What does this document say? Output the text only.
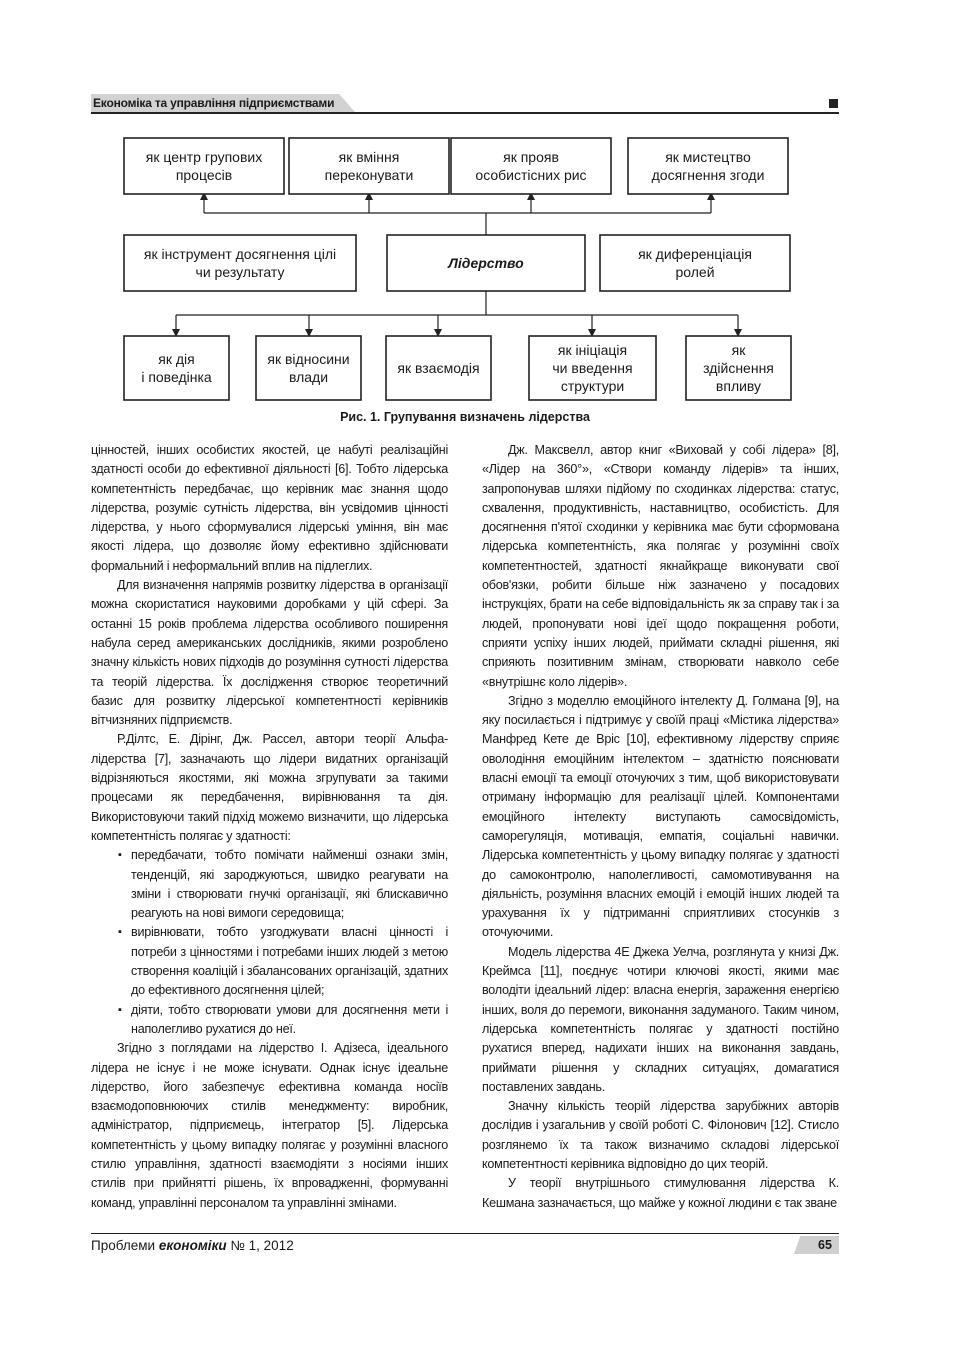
Економіка та управління підприємствами
як центр групових
процесів
як вміння
переконувати
як прояв
особистісних рис
як мистецтво
досягнення згоди
як інструмент досягнення цілі
чи результату
Лідерство
як диференціація
ролей
як дія
і поведінка
як відносини
влади
як взаємодія
як ініціація
чи введення
структури
як
здійснення
впливу
Рис. 1. Групування визначень лідерства

цінностей, інших особистих якостей, це набуті реалізаційні здатності особи до ефективної діяльності [6]. Тобто лідерська компетентність передбачає, що керівник має знання щодо лідерства, розуміє сутність лідерства, він усвідомив цінності лідерства, у нього сформувалися лідерські уміння, він має якості лідера, що дозволяє йому ефективно здійснювати формальний і неформальний вплив на підлеглих.

Для визначення напрямів розвитку лідерства в організації можна скористатися науковими доробками у цій сфері. За останні 15 років проблема лідерства особливого поширення набула серед американських дослідників, якими розроблено значну кількість нових підходів до розуміння сутності лідерства та теорій лідерства. Їх дослідження створює теоретичний базис для розвитку лідерської компетентності керівників вітчизняних підприємств.

Р.Ділтс, Е. Дірінг, Дж. Рассел, автори теорії Альфа-лідерства [7], зазначають що лідери видатних організацій відрізняються якостями, які можна згрупувати за такими процесами як передбачення, вирівнювання та дія. Використовуючи такий підхід можемо визначити, що лідерська компетентність полягає у здатності:

▪ передбачати, тобто помічати найменші ознаки змін, тенденцій, які зароджуються, швидко реагувати на зміни і створювати гнучкі організації, які блискавично реагують на нові вимоги середовища;
▪ вирівнювати, тобто узгоджувати власні цінності і потреби з цінностями і потребами інших людей з метою створення коаліцій і збалансованих організацій, здатних до ефективного досягнення цілей;
▪ діяти, тобто створювати умови для досягнення мети і наполегливо рухатися до неї.

Згідно з поглядами на лідерство І. Адізеса, ідеального лідера не існує і не може існувати. Однак існує ідеальне лідерство, його забезпечує ефективна команда носіїв взаємодоповнюючих стилів менеджменту: виробник, адміністратор, підприємець, інтегратор [5]. Лідерська компетентність у цьому випадку полягає у розумінні власного стилю управління, здатності взаємодіяти з носіями інших стилів при прийнятті рішень, їх впровадженні, формуванні команд, управлінні персоналом та управлінні змінами.

Дж. Максвелл, автор книг «Виховай у собі лідера» [8], «Лідер на 360°», «Створи команду лідерів» та інших, запропонував шляхи підйому по сходинках лідерства: статус, схвалення, продуктивність, наставництво, особистість. Для досягнення п'ятої сходинки у керівника має бути сформована лідерська компетентність, яка полягає у розумінні своїх компетентностей, здатності якнайкраще виконувати свої обов'язки, робити більше ніж зазначено у посадових інструкціях, брати на себе відповідальність як за справу так і за людей, пропонувати нові ідеї щодо покращення роботи, сприяти успіху інших людей, приймати складні рішення, які сприяють позитивним змінам, створювати навколо себе «внутрішнє коло лідерів».

Згідно з моделлю емоційного інтелекту Д. Голмана [9], на яку посилається і підтримує у своїй праці «Містика лідерства» Манфред Кете де Вріс [10], ефективному лідерству сприяє оволодіння емоційним інтелектом – здатністю пояснювати власні емоції та емоції оточуючих з тим, щоб використовувати отриману інформацію для реалізації цілей. Компонентами емоційного інтелекту виступають самосвідомість, саморегуляція, мотивація, емпатія, соціальні навички. Лідерська компетентність у цьому випадку полягає у здатності до самоконтролю, наполегливості, самомотивування на діяльність, розуміння власних емоцій і емоцій інших людей та урахування їх у підтриманні сприятливих стосунків з оточуючими.

Модель лідерства 4Е Джека Уелча, розглянута у книзі Дж. Креймса [11], поєднує чотири ключові якості, якими має володіти ідеальний лідер: власна енергія, зараження енергією інших, воля до перемоги, виконання задуманого. Таким чином, лідерська компетентність полягає у здатності постійно рухатися вперед, надихати інших на виконання завдань, приймати рішення у складних ситуаціях, домагатися поставлених завдань.

Значну кількість теорій лідерства зарубіжних авторів дослідив і узагальнив у своїй роботі С. Філонович [12]. Стисло розглянемо їх та також визначимо складові лідерської компетентності керівника відповідно до цих теорій.

У теорії внутрішнього стимулювання лідерства К. Кешмана зазначається, що майже у кожної людини є так зване

Проблеми економіки № 1, 2012	65
